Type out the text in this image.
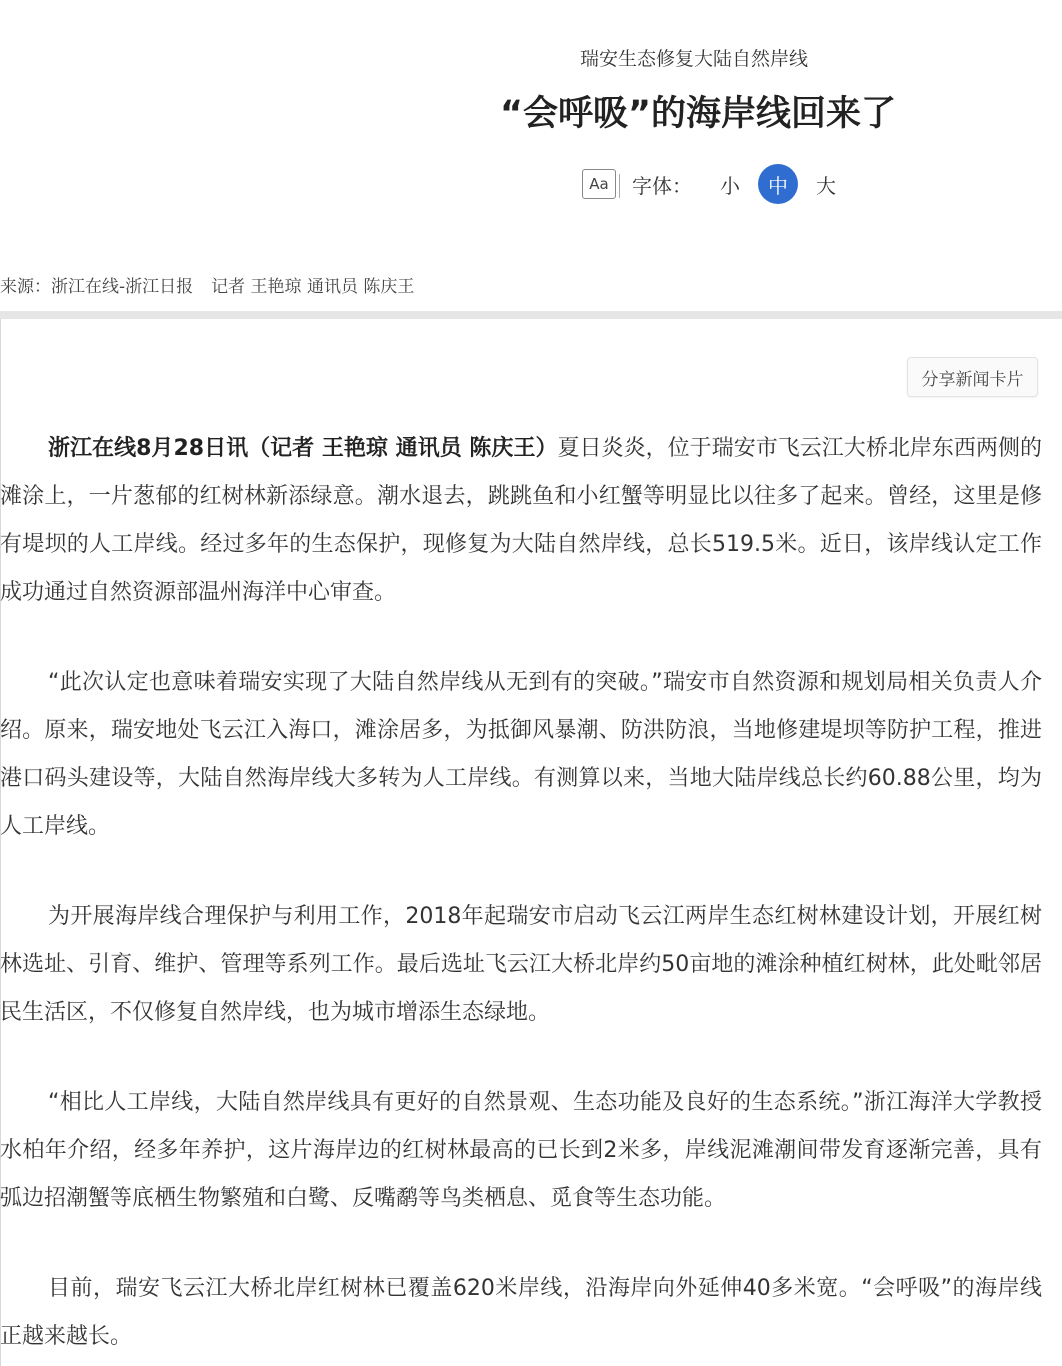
瑞安生态修复大陆自然岸线
“会呼吸”的海岸线回来了
Aa	字体：	小	中	大
来源：浙江在线-浙江日报 记者 王艳琼 通讯员 陈庆王
分享新闻卡片

浙江在线8月28日讯（记者 王艳琼 通讯员 陈庆王）夏日炎炎，位于瑞安市飞云江大桥北岸东西两侧的滩涂上，一片葱郁的红树林新添绿意。潮水退去，跳跳鱼和小红蟹等明显比以往多了起来。曾经，这里是修有堤坝的人工岸线。经过多年的生态保护，现修复为大陆自然岸线，总长519.5米。近日，该岸线认定工作成功通过自然资源部温州海洋中心审查。

“此次认定也意味着瑞安实现了大陆自然岸线从无到有的突破。”瑞安市自然资源和规划局相关负责人介绍。原来，瑞安地处飞云江入海口，滩涂居多，为抵御风暴潮、防洪防浪，当地修建堤坝等防护工程，推进港口码头建设等，大陆自然海岸线大多转为人工岸线。有测算以来，当地大陆岸线总长约60.88公里，均为人工岸线。

为开展海岸线合理保护与利用工作，2018年起瑞安市启动飞云江两岸生态红树林建设计划，开展红树林选址、引育、维护、管理等系列工作。最后选址飞云江大桥北岸约50亩地的滩涂种植红树林，此处毗邻居民生活区，不仅修复自然岸线，也为城市增添生态绿地。

“相比人工岸线，大陆自然岸线具有更好的自然景观、生态功能及良好的生态系统。”浙江海洋大学教授水柏年介绍，经多年养护，这片海岸边的红树林最高的已长到2米多，岸线泥滩潮间带发育逐渐完善，具有弧边招潮蟹等底栖生物繁殖和白鹭、反嘴鹬等鸟类栖息、觅食等生态功能。

目前，瑞安飞云江大桥北岸红树林已覆盖620米岸线，沿海岸向外延伸40多米宽。“会呼吸”的海岸线正越来越长。
